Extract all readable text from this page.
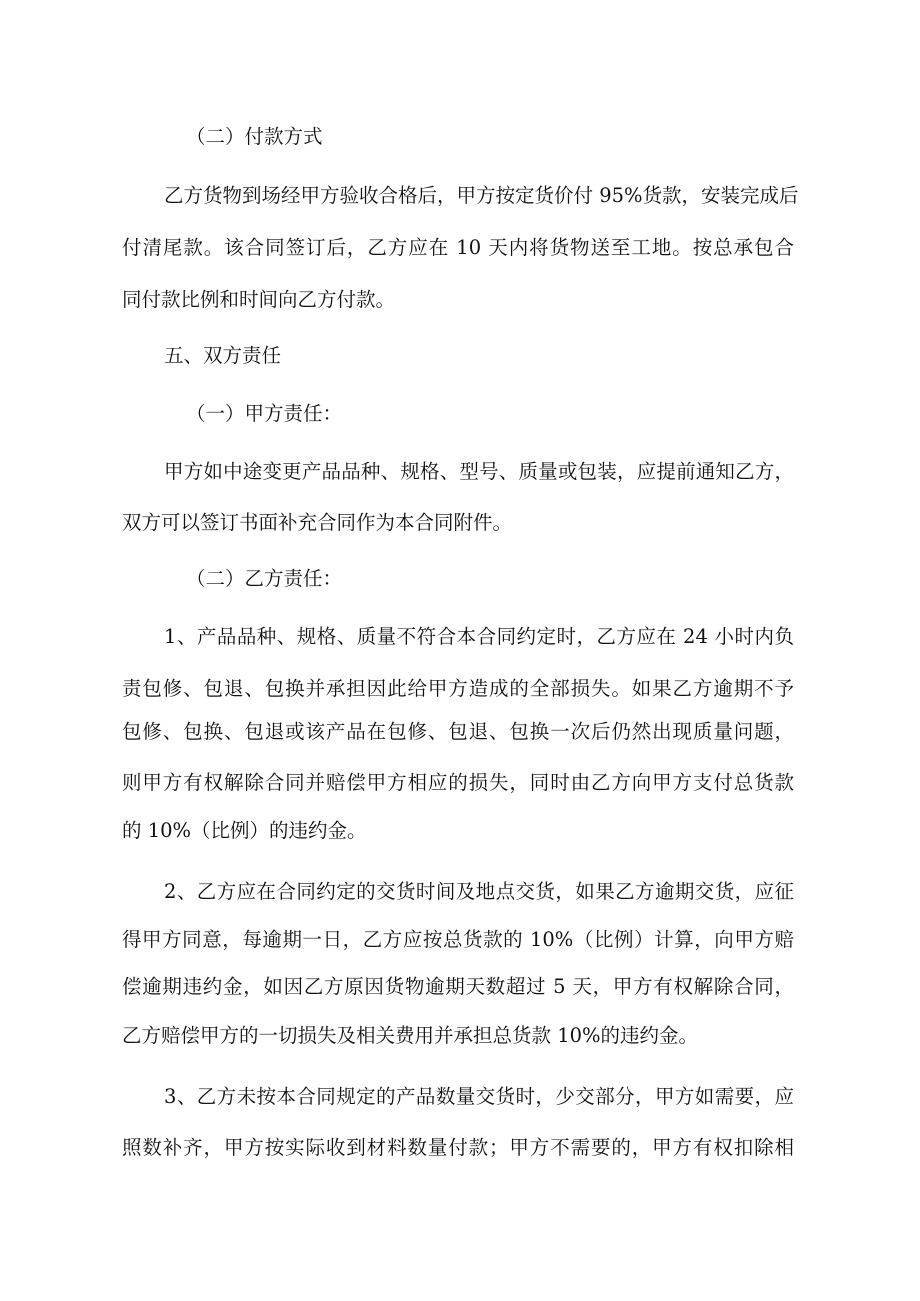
（二）付款方式
乙方货物到场经甲方验收合格后，甲方按定货价付 95%货款，安装完成后
付清尾款。该合同签订后，乙方应在 10 天内将货物送至工地。按总承包合
同付款比例和时间向乙方付款。
五、双方责任
（一）甲方责任：
甲方如中途变更产品品种、规格、型号、质量或包装，应提前通知乙方，
双方可以签订书面补充合同作为本合同附件。
（二）乙方责任：
1、产品品种、规格、质量不符合本合同约定时，乙方应在 24 小时内负
责包修、包退、包换并承担因此给甲方造成的全部损失。如果乙方逾期不予
包修、包换、包退或该产品在包修、包退、包换一次后仍然出现质量问题，
则甲方有权解除合同并赔偿甲方相应的损失，同时由乙方向甲方支付总货款
的 10%（比例）的违约金。
2、乙方应在合同约定的交货时间及地点交货，如果乙方逾期交货，应征
得甲方同意，每逾期一日，乙方应按总货款的 10%（比例）计算，向甲方赔
偿逾期违约金，如因乙方原因货物逾期天数超过 5 天，甲方有权解除合同，
乙方赔偿甲方的一切损失及相关费用并承担总货款 10%的违约金。
3、乙方未按本合同规定的产品数量交货时，少交部分，甲方如需要，应
照数补齐，甲方按实际收到材料数量付款；甲方不需要的，甲方有权扣除相
